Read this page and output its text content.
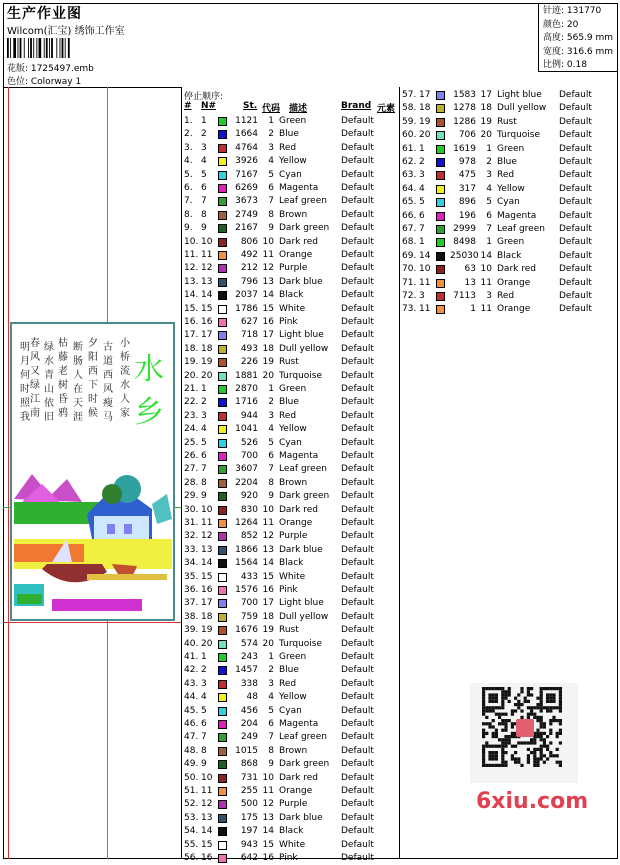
生产作业图
Wilcom(汇宝) 绣饰工作室
花版: 1725497.emb
色位: Colorway 1
针迹: 131770
颜色: 20
高度: 565.9 mm
宽度: 316.6 mm
比例: 0.18
小
桥
流
水
人
家
古
道
西
风
瘦
马
夕
阳
西
下
时
候
断
肠
人
在
天
涯
枯
藤
老
树
昏
鸦
绿
水
青
山
依
旧
春
风
又
绿
江
南
明
月
何
时
照
我
水
乡
停止顺序:
# N#	St. 代码 描述	Brand 元素
1. 1	1121	1 Green	Default
2. 2	1664	2 Blue	Default
3. 3	4764	3 Red	Default
4. 4	3926	4 Yellow	Default
5. 5	7167	5 Cyan	Default
6. 6	6269	6 Magenta	Default
7. 7	3673	7 Leaf green Default
8. 8	2749	8 Brown	Default
9. 9	2167	9 Dark green Default
10. 10	806 10 Dark red	Default
11. 11	492 11 Orange	Default
12. 12	212 12 Purple	Default
13. 13	796 13 Dark blue Default
14. 14	2037 14 Black	Default
15. 15	1786 15 White	Default
16. 16	627 16 Pink	Default
17. 17	718 17 Light blue Default
18. 18	493 18 Dull yellow Default
19. 19	226 19 Rust	Default
20. 20	1881 20 Turquoise Default
21. 1	2870	1 Green	Default
22. 2	1716	2 Blue	Default
23. 3	944	3 Red	Default
24. 4	1041	4 Yellow	Default
25. 5	526	5 Cyan	Default
26. 6	700	6 Magenta	Default
27. 7	3607	7 Leaf green Default
28. 8	2204	8 Brown	Default
29. 9	920	9 Dark green Default
30. 10	830 10 Dark red	Default
31. 11	1264 11 Orange	Default
32. 12	852 12 Purple	Default
33. 13	1866 13 Dark blue Default
34. 14	1564 14 Black	Default
35. 15	433 15 White	Default
36. 16	1576 16 Pink	Default
37. 17	700 17 Light blue Default
38. 18	759 18 Dull yellow Default
39. 19	1676 19 Rust	Default
40. 20	574 20 Turquoise Default
41. 1	243	1 Green	Default
42. 2	1457	2 Blue	Default
43. 3	338	3 Red	Default
44. 4	48	4 Yellow	Default
45. 5	456	5 Cyan	Default
46. 6	204	6 Magenta	Default
47. 7	249	7 Leaf green Default
48. 8	1015	8 Brown	Default
49. 9	868	9 Dark green Default
50. 10	731 10 Dark red	Default
51. 11	255 11 Orange	Default
52. 12	500 12 Purple	Default
53. 13	175 13 Dark blue Default
54. 14	197 14 Black	Default
55. 15	943 15 White	Default
56. 16	642 16 Pink	Default
57. 17	1583 17 Light blue Default
58. 18	1278 18 Dull yellow Default
59. 19	1286 19 Rust	Default
60. 20	706 20 Turquoise Default
61. 1	1619	1 Green	Default
62. 2	978	2 Blue	Default
63. 3	475	3 Red	Default
64. 4	317	4 Yellow	Default
65. 5	896	5 Cyan	Default
66. 6	196	6 Magenta	Default
67. 7	2999	7 Leaf green Default
68. 1	8498	1 Green	Default
69. 14 25030 14 Black	Default
70. 10	63 10 Dark red	Default
71. 11	13 11 Orange	Default
72. 3	7113	3 Red	Default
73. 11	1 11 Orange	Default
6xiu.com
